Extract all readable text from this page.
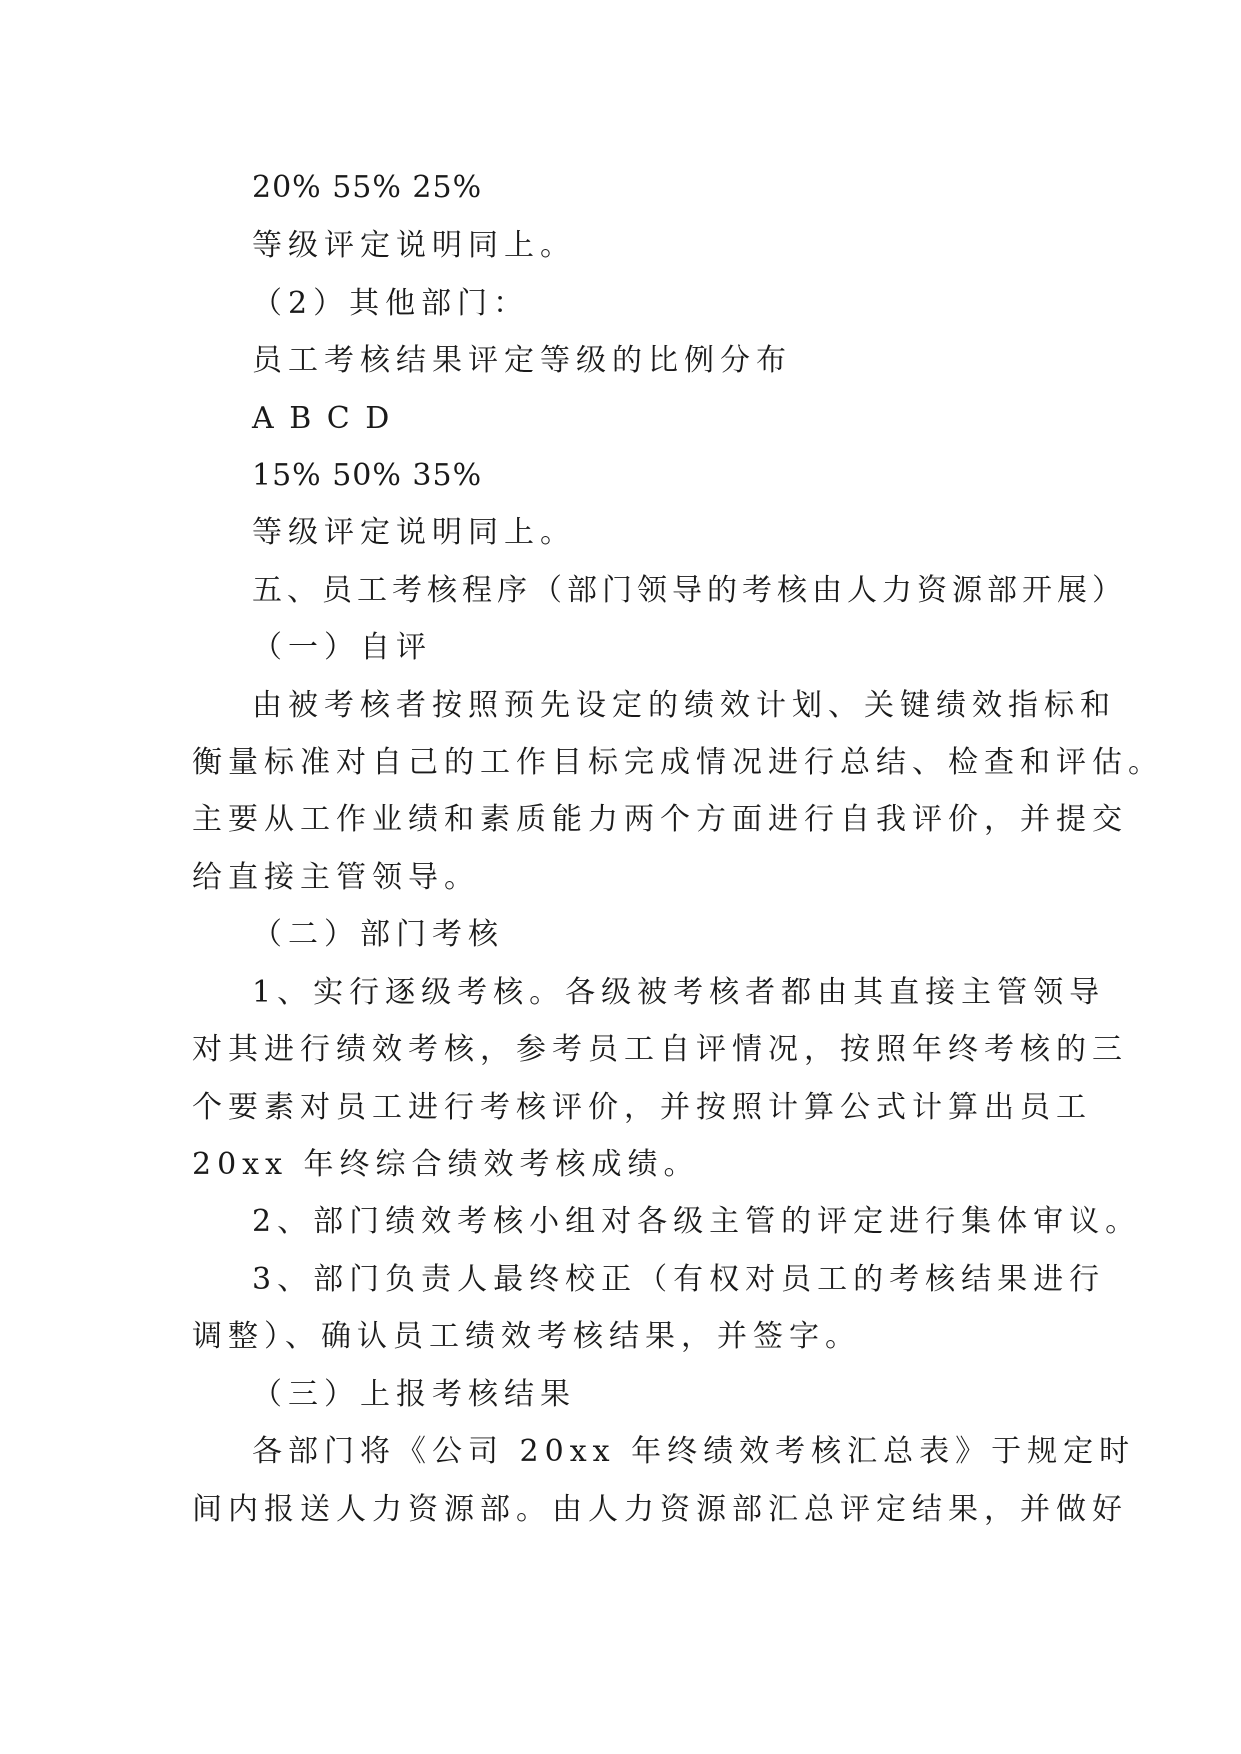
20% 55% 25%
等级评定说明同上。
（2）其他部门：
员工考核结果评定等级的比例分布
A B C D
15% 50% 35%
等级评定说明同上。
五、员工考核程序（部门领导的考核由人力资源部开展）
（一）自评
由被考核者按照预先设定的绩效计划、关键绩效指标和
衡量标准对自己的工作目标完成情况进行总结、检查和评估。
主要从工作业绩和素质能力两个方面进行自我评价，并提交
给直接主管领导。
（二）部门考核
1、实行逐级考核。各级被考核者都由其直接主管领导
对其进行绩效考核，参考员工自评情况，按照年终考核的三
个要素对员工进行考核评价，并按照计算公式计算出员工
20xx 年终综合绩效考核成绩。
2、部门绩效考核小组对各级主管的评定进行集体审议。
3、部门负责人最终校正（有权对员工的考核结果进行
调整）、确认员工绩效考核结果，并签字。
（三）上报考核结果
各部门将《公司 20xx 年终绩效考核汇总表》于规定时
间内报送人力资源部。由人力资源部汇总评定结果，并做好
